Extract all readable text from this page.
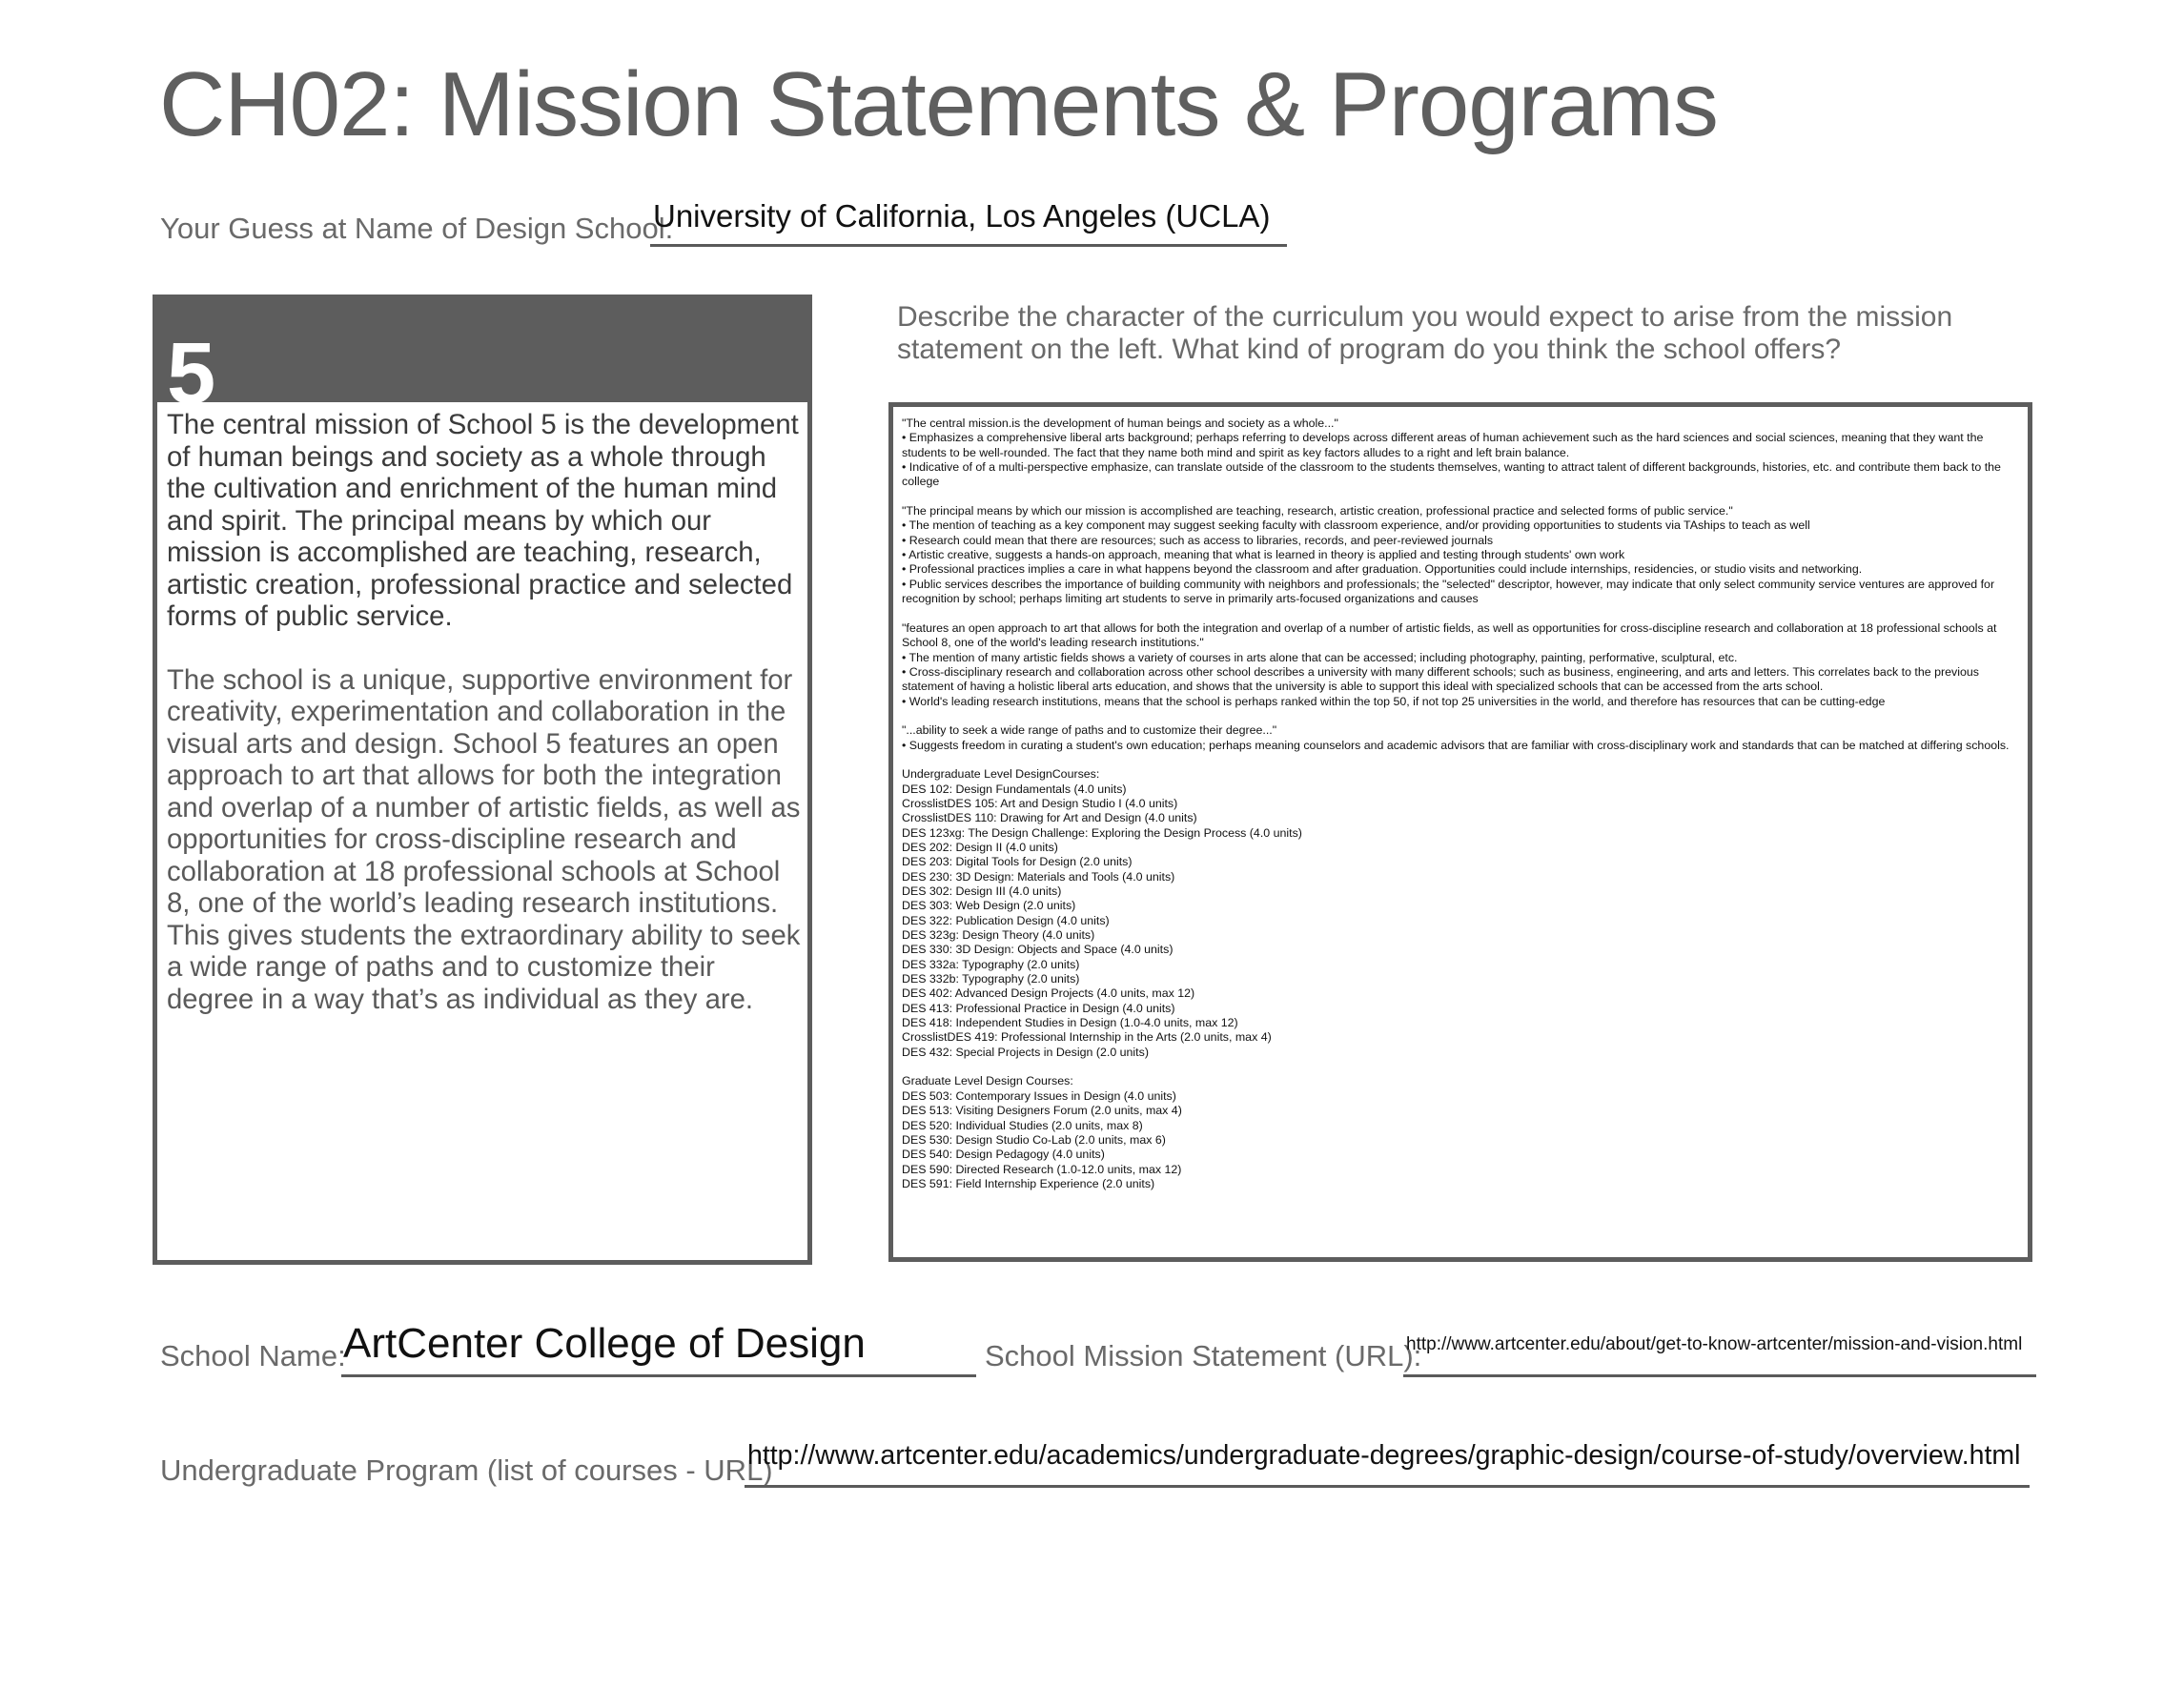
CH02: Mission Statements & Programs
Your Guess at Name of Design School:
University of California, Los Angeles (UCLA)
5

The central mission of School 5 is the development of human beings and society as a whole through the cultivation and enrichment of the human mind and spirit. The principal means by which our mission is accomplished are teaching, research, artistic creation, professional practice and selected forms of public service.

The school is a unique, supportive environment for creativity, experimentation and collaboration in the visual arts and design. School 5 features an open approach to art that allows for both the integration and overlap of a number of artistic fields, as well as opportunities for cross-discipline research and collaboration at 18 professional schools at School 8, one of the world’s leading research institutions. This gives students the extraordinary ability to seek a wide range of paths and to customize their degree in a way that’s as individual as they are.

Describe the character of the curriculum you would expect to arise from the mission statement on the left. What kind of program do you think the school offers?
"The central mission.is the development of human beings and society as a whole..."
• Emphasizes a comprehensive liberal arts background; perhaps referring to develops across different areas of human achievement such as the hard sciences and social sciences, meaning that they want the students to be well-rounded. The fact that they name both mind and spirit as key factors alludes to a right and left brain balance.
• Indicative of of a multi-perspective emphasize, can translate outside of the classroom to the students themselves, wanting to attract talent of different backgrounds, histories, etc. and contribute them back to the college
"The principal means by which our mission is accomplished are teaching, research, artistic creation, professional practice and selected forms of public service."
• The mention of teaching as a key component may suggest seeking faculty with classroom experience, and/or providing opportunities to students via TAships to teach as well
• Research could mean that there are resources; such as access to libraries, records, and peer-reviewed journals
• Artistic creative, suggests a hands-on approach, meaning that what is learned in theory is applied and testing through students' own work
• Professional practices implies a care in what happens beyond the classroom and after graduation. Opportunities could include internships, residencies, or studio visits and networking.
• Public services describes the importance of building community with neighbors and professionals; the "selected" descriptor, however, may indicate that only select community service ventures are approved for recognition by school; perhaps limiting art students to serve in primarily arts-focused organizations and causes
"features an open approach to art that allows for both the integration and overlap of a number of artistic fields, as well as opportunities for cross-discipline research and collaboration at 18 professional schools at School 8, one of the world's leading research institutions."
• The mention of many artistic fields shows a variety of courses in arts alone that can be accessed; including photography, painting, performative, sculptural, etc.
• Cross-disciplinary research and collaboration across other school describes a university with many different schools; such as business, engineering, and arts and letters. This correlates back to the previous statement of having a holistic liberal arts education, and shows that the university is able to support this ideal with specialized schools that can be accessed from the arts school.
• World's leading research institutions, means that the school is perhaps ranked within the top 50, if not top 25 universities in the world, and therefore has resources that can be cutting-edge
"...ability to seek a wide range of paths and to customize their degree..."
• Suggests freedom in curating a student's own education; perhaps meaning counselors and academic advisors that are familiar with cross-disciplinary work and standards that can be matched at differing schools.
Undergraduate Level DesignCourses:
DES 102: Design Fundamentals (4.0 units)
CrosslistDES 105: Art and Design Studio I (4.0 units)
CrosslistDES 110: Drawing for Art and Design (4.0 units)
DES 123xg: The Design Challenge: Exploring the Design Process (4.0 units)
DES 202: Design II (4.0 units)
DES 203: Digital Tools for Design (2.0 units)
DES 230: 3D Design: Materials and Tools (4.0 units)
DES 302: Design III (4.0 units)
DES 303: Web Design (2.0 units)
DES 322: Publication Design (4.0 units)
DES 323g: Design Theory (4.0 units)
DES 330: 3D Design: Objects and Space (4.0 units)
DES 332a: Typography (2.0 units)
DES 332b: Typography (2.0 units)
DES 402: Advanced Design Projects (4.0 units, max 12)
DES 413: Professional Practice in Design (4.0 units)
DES 418: Independent Studies in Design (1.0-4.0 units, max 12)
CrosslistDES 419: Professional Internship in the Arts (2.0 units, max 4)
DES 432: Special Projects in Design (2.0 units)
Graduate Level Design Courses:
DES 503: Contemporary Issues in Design (4.0 units)
DES 513: Visiting Designers Forum (2.0 units, max 4)
DES 520: Individual Studies (2.0 units, max 8)
DES 530: Design Studio Co-Lab (2.0 units, max 6)
DES 540: Design Pedagogy (4.0 units)
DES 590: Directed Research (1.0-12.0 units, max 12)
DES 591: Field Internship Experience (2.0 units)
School Name:
ArtCenter College of Design	School Mission Statement (URL):
http://www.artcenter.edu/about/get-to-know-artcenter/mission-and-vision.html
Undergraduate Program (list of courses - URL)
http://www.artcenter.edu/academics/undergraduate-degrees/graphic-design/course-of-study/overview.html
